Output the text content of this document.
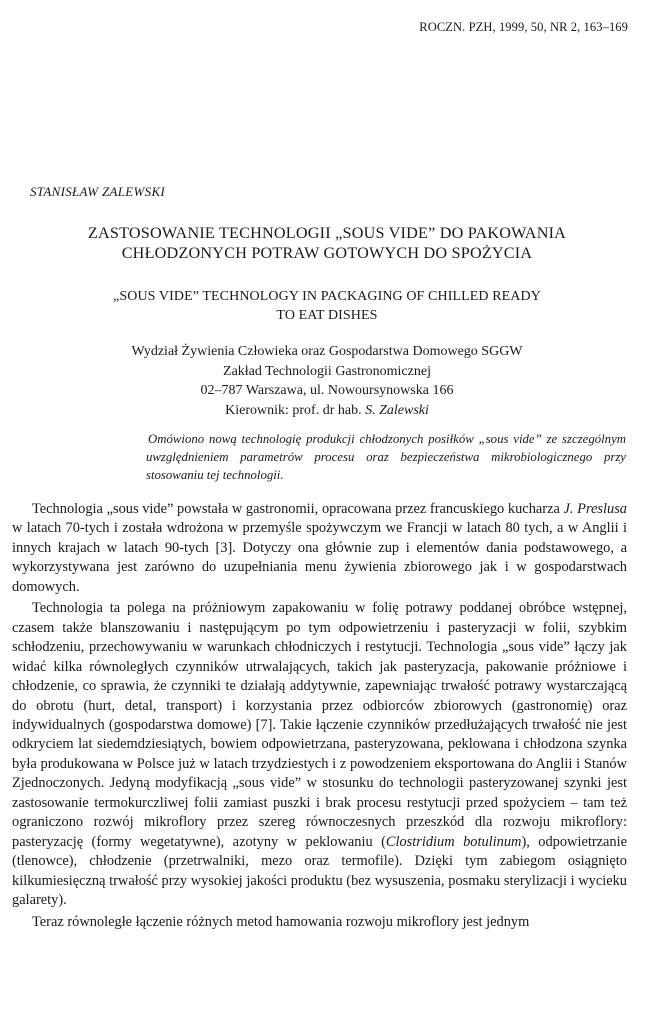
ROCZN. PZH, 1999, 50, NR 2, 163–169
STANISŁAW ZALEWSKI
ZASTOSOWANIE TECHNOLOGII „SOUS VIDE” DO PAKOWANIA
CHŁODZONYCH POTRAW GOTOWYCH DO SPOŻYCIA
„SOUS VIDE” TECHNOLOGY IN PACKAGING OF CHILLED READY
TO EAT DISHES
Wydział Żywienia Człowieka oraz Gospodarstwa Domowego SGGW
Zakład Technologii Gastronomicznej
02–787 Warszawa, ul. Nowoursynowska 166
Kierownik: prof. dr hab. S. Zalewski
Omówiono nową technologię produkcji chłodzonych posiłków „sous vide” ze szczególnym uwzględnieniem parametrów procesu oraz bezpieczeństwa mikrobiologicznego przy stosowaniu tej technologii.

Technologia „sous vide” powstała w gastronomii, opracowana przez francuskiego kucharza J. Preslusa w latach 70-tych i została wdrożona w przemyśle spożywczym we Francji w latach 80 tych, a w Anglii i innych krajach w latach 90-tych [3]. Dotyczy ona głównie zup i elementów dania podstawowego, a wykorzystywana jest zarówno do uzupełniania menu żywienia zbiorowego jak i w gospodarstwach domowych.

Technologia ta polega na próżniowym zapakowaniu w folię potrawy poddanej obróbce wstępnej, czasem także blanszowaniu i następującym po tym odpowietrzeniu i pasteryzacji w folii, szybkim schłodzeniu, przechowywaniu w warunkach chłodniczych i restytucji. Technologia „sous vide” łączy jak widać kilka równoległych czynników utrwalających, takich jak pasteryzacja, pakowanie próżniowe i chłodzenie, co sprawia, że czynniki te działają addytywnie, zapewniając trwałość potrawy wystarczającą do obrotu (hurt, detal, transport) i korzystania przez odbiorców zbiorowych (gastronomię) oraz indywidualnych (gospodarstwa domowe) [7]. Takie łączenie czynników przedłużających trwałość nie jest odkryciem lat siedemdziesiątych, bowiem odpowietrzana, pasteryzowana, peklowana i chłodzona szynka była produkowana w Polsce już w latach trzydziestych i z powodzeniem eksportowana do Anglii i Stanów Zjednoczonych. Jedyną modyfikacją „sous vide” w stosunku do technologii pasteryzowanej szynki jest zastosowanie termokurczliwej folii zamiast puszki i brak procesu restytucji przed spożyciem – tam też ograniczono rozwój mikroflory przez szereg równoczesnych przeszkód dla rozwoju mikroflory: pasteryzację (formy wegetatywne), azotyny w peklowaniu (Clostridium botulinum), odpowietrzanie (tlenowce), chłodzenie (przetrwalniki, mezo oraz termofile). Dzięki tym zabiegom osiągnięto kilkumiesięczną trwałość przy wysokiej jakości produktu (bez wysuszenia, posmaku sterylizacji i wycieku galarety).

Teraz równoległe łączenie różnych metod hamowania rozwoju mikroflory jest jednym
